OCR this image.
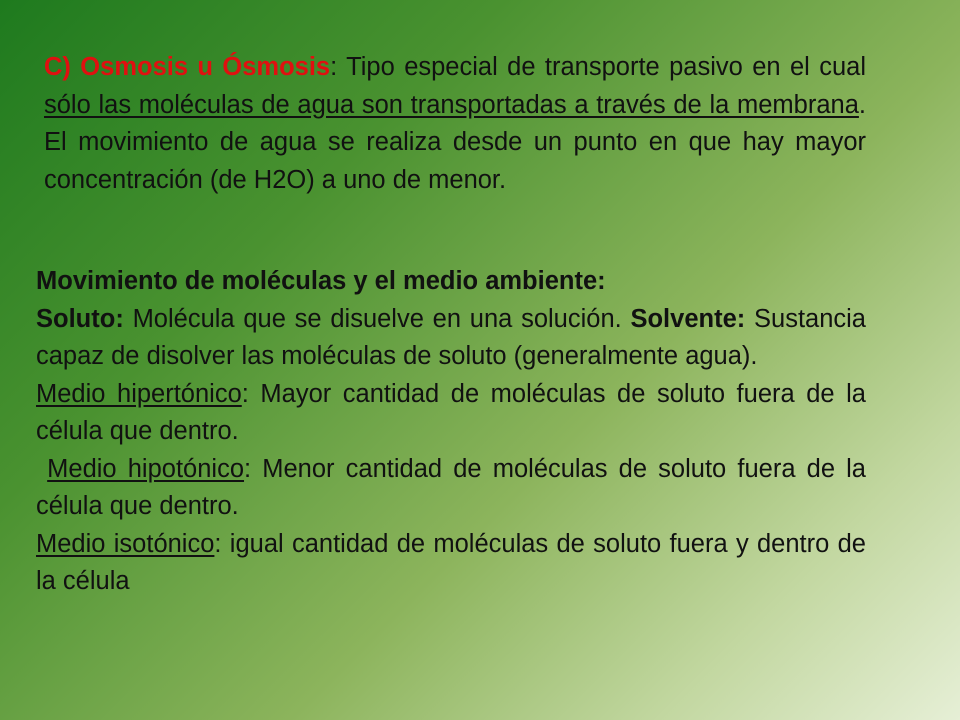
C) Osmosis u Ósmosis: Tipo especial de transporte pasivo en el cual sólo las moléculas de agua son transportadas a través de la membrana. El movimiento de agua se realiza desde un punto en que hay mayor concentración (de H2O) a uno de menor.

Movimiento de moléculas y el medio ambiente:

Soluto: Molécula que se disuelve en una solución. Solvente: Sustancia capaz de disolver las moléculas de soluto (generalmente agua).

Medio hipertónico: Mayor cantidad de moléculas de soluto fuera de la célula que dentro.

Medio hipotónico: Menor cantidad de moléculas de soluto fuera de la célula que dentro.

Medio isotónico: igual cantidad de moléculas de soluto fuera y dentro de la célula
